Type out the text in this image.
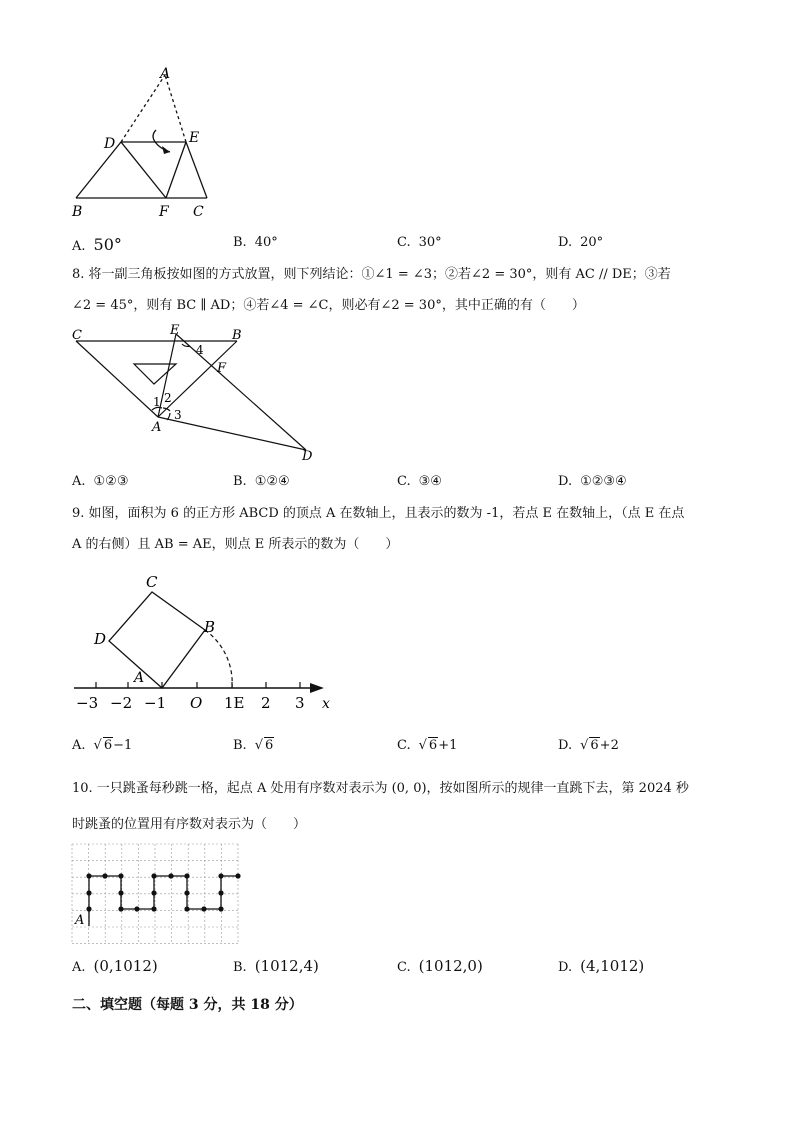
A
D	E
B	F C
A. 50°	B. 40°	C. 30°	D. 20°
8. 将一副三角板按如图的方式放置，则下列结论：①∠1 = ∠3；②若∠2 = 30°，则有 AC // DE；③若
∠2 = 45°，则有 BC ∥ AD；④若∠4 = ∠C，则必有∠2 = 30°，其中正确的有（　　）
C	E	B
4
F
1 2
3
A
D
A. ①②③	B. ①②④	C. ③④	D. ①②③④
9. 如图，面积为 6 的正方形 ABCD 的顶点 A 在数轴上，且表示的数为 -1，若点 E 在数轴上，（点 E 在点
A 的右侧）且 AB = AE，则点 E 所表示的数为（　　）
C
D
B
A
−3 −2 −1 O 1E 2 3 x
A. √ 6−1	B. √ 6	C. √ 6+1	D. √ 6+2
10. 一只跳蚤每秒跳一格，起点 A 处用有序数对表示为 (0, 0)，按如图所示的规律一直跳下去，第 2024 秒
时跳蚤的位置用有序数对表示为（　　）
A
A. (0,1012)	B. (1012,4)	C. (1012,0)	D. (4,1012)
二、填空题（每题 3 分，共 18 分）
